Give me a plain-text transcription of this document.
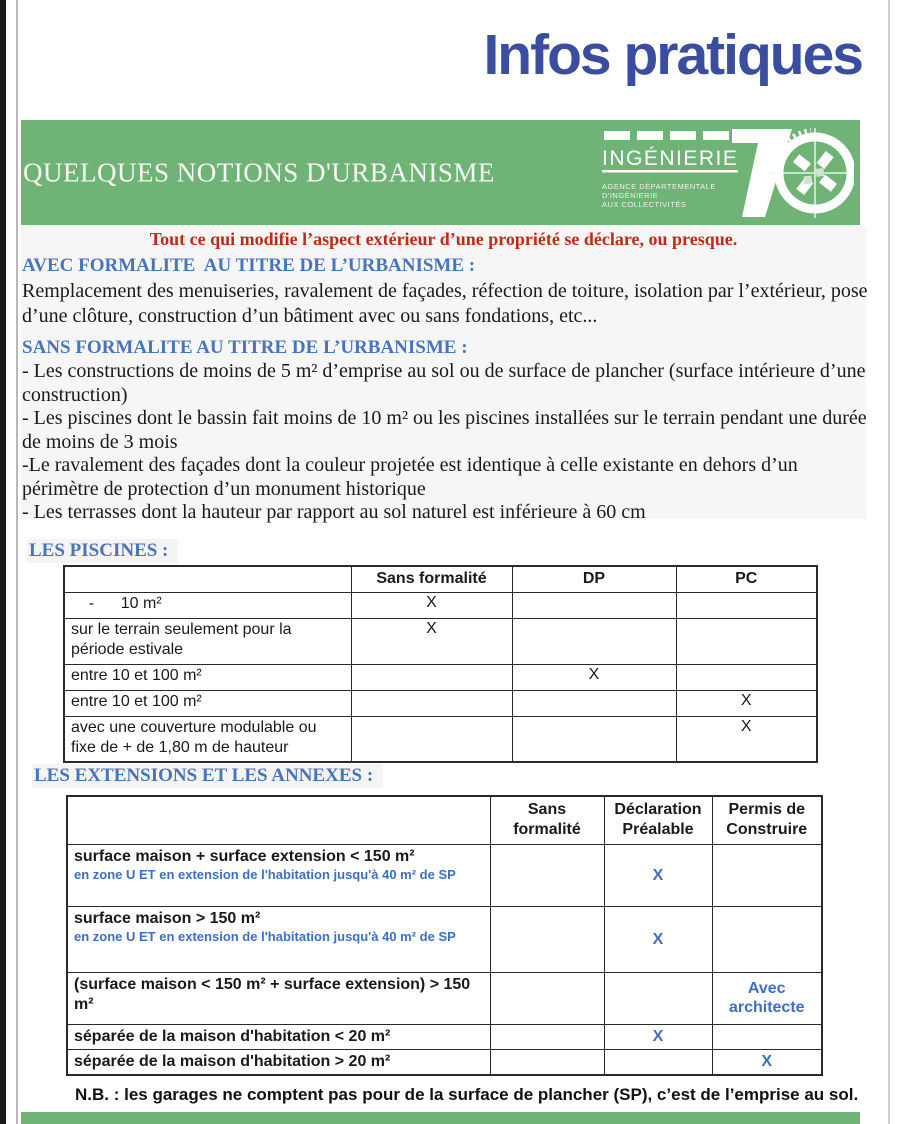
Infos pratiques
QUELQUES NOTIONS D'URBANISME	INGÉNIERIE
AGENCE DÉPARTEMENTALE
D'INGÉNIERIE
AUX COLLECTIVITÉS
Tout ce qui modifie l’aspect extérieur d’une propriété se déclare, ou presque.
AVEC FORMALITE  AU TITRE DE L’URBANISME :
Remplacement des menuiseries, ravalement de façades, réfection de toiture, isolation par l’extérieur, pose d’une clôture, construction d’un bâtiment avec ou sans fondations, etc...
SANS FORMALITE AU TITRE DE L’URBANISME :
- Les constructions de moins de 5 m² d’emprise au sol ou de surface de plancher (surface intérieure d’une construction)
- Les piscines dont le bassin fait moins de 10 m² ou les piscines installées sur le terrain pendant une durée de moins de 3 mois
-Le ravalement des façades dont la couleur projetée est identique à celle existante en dehors d’un périmètre de protection d’un monument historique
- Les terrasses dont la hauteur par rapport au sol naturel est inférieure à 60 cm
LES PISCINES :
	Sans formalité	DP	PC
-      10 m²	X		
sur le terrain seulement pour la période estivale	X		
entre 10 et 100 m²		X	
entre 10 et 100 m²			X
avec une couverture modulable ou fixe de + de 1,80 m de hauteur			X
LES EXTENSIONS ET LES ANNEXES :
	Sans formalité	Déclaration Préalable	Permis de Construire

surface maison + surface extension < 150 m²
en zone U ET en extension de l'habitation jusqu'à 40 m² de SP		X	

surface maison > 150 m²
en zone U ET en extension de l'habitation jusqu'à 40 m² de SP		X	

(surface maison < 150 m² + surface extension) > 150 m²			Avec architecte

séparée de la maison d'habitation < 20 m²		X	

séparée de la maison d'habitation > 20 m²			X
N.B. : les garages ne comptent pas pour de la surface de plancher (SP), c’est de l’emprise au sol.
